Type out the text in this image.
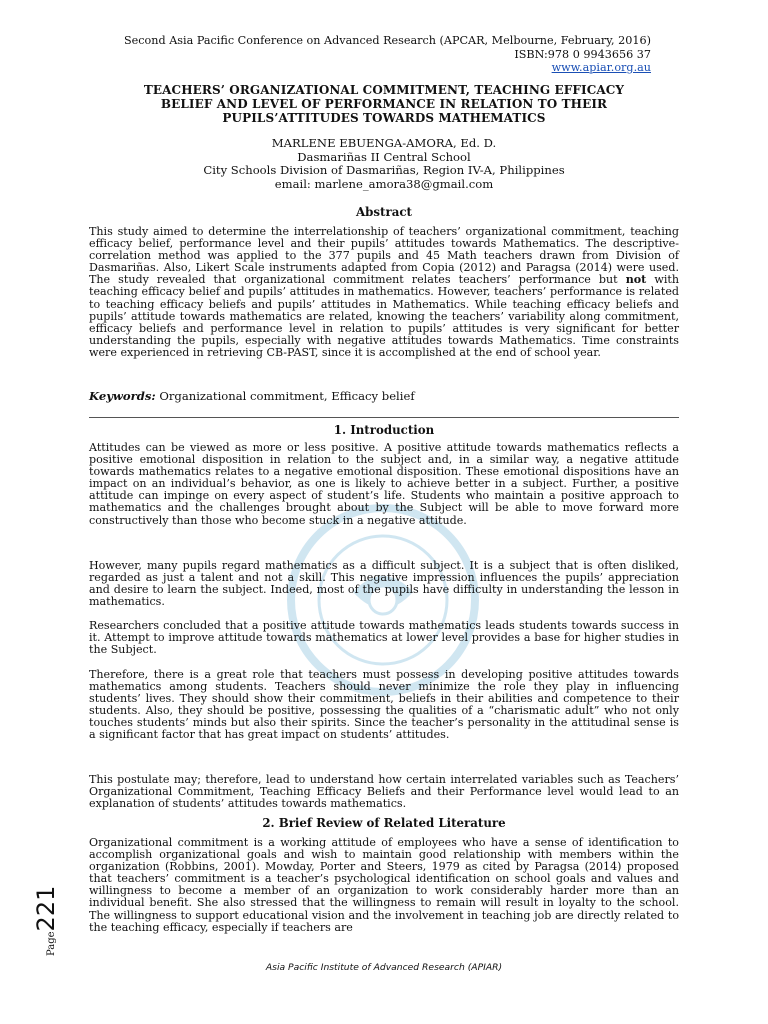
Second Asia Pacific Conference on Advanced Research (APCAR, Melbourne, February, 2016)
ISBN:978 0 9943656 37
www.apiar.org.au
TEACHERS’ ORGANIZATIONAL COMMITMENT, TEACHING EFFICACY
BELIEF AND LEVEL OF PERFORMANCE IN RELATION TO THEIR
PUPILS’ATTITUDES TOWARDS MATHEMATICS
MARLENE EBUENGA-AMORA, Ed. D.
Dasmariñas II Central School
City Schools Division of Dasmariñas, Region IV-A, Philippines
email: marlene_amora38@gmail.com
Abstract
This study aimed to determine the interrelationship of teachers’ organizational commitment, teaching efficacy belief, performance level and their pupils’ attitudes towards Mathematics. The descriptive-correlation method was applied to the 377 pupils and 45 Math teachers drawn from Division of Dasmariñas. Also, Likert Scale instruments adapted from Copia (2012) and Paragsa (2014) were used. The study revealed that organizational commitment relates teachers’ performance but not with teaching efficacy belief and pupils’ attitudes in mathematics. However, teachers’ performance is related to teaching efficacy beliefs and pupils’ attitudes in Mathematics. While teaching efficacy beliefs and pupils’ attitude towards mathematics are related, knowing the teachers’ variability along commitment, efficacy beliefs and performance level in relation to pupils’ attitudes is very significant for better understanding the pupils, especially with negative attitudes towards Mathematics. Time constraints were experienced in retrieving CB-PAST, since it is accomplished at the end of school year.
Keywords: Organizational commitment, Efficacy belief
1. Introduction
Attitudes can be viewed as more or less positive. A positive attitude towards mathematics reflects a positive emotional disposition in relation to the subject and, in a similar way, a negative attitude towards mathematics relates to a negative emotional disposition. These emotional dispositions have an impact on an individual’s behavior, as one is likely to achieve better in a subject. Further, a positive attitude can impinge on every aspect of student’s life. Students who maintain a positive approach to mathematics and the challenges brought about by the Subject will be able to move forward more constructively than those who become stuck in a negative attitude.
However, many pupils regard mathematics as a difficult subject. It is a subject that is often disliked, regarded as just a talent and not a skill. This negative impression influences the pupils’ appreciation and desire to learn the subject. Indeed, most of the pupils have difficulty in understanding the lesson in mathematics.
Researchers concluded that a positive attitude towards mathematics leads students towards success in it. Attempt to improve attitude towards mathematics at lower level provides a base for higher studies in the Subject.
Therefore, there is a great role that teachers must possess in developing positive attitudes towards mathematics among students. Teachers should never minimize the role they play in influencing students’ lives. They should show their commitment, beliefs in their abilities and competence to their students. Also, they should be positive, possessing the qualities of a “charismatic adult” who not only touches students’ minds but also their spirits. Since the teacher’s personality in the attitudinal sense is a significant factor that has great impact on students’ attitudes.
This postulate may; therefore, lead to understand how certain interrelated variables such as Teachers’ Organizational Commitment, Teaching Efficacy Beliefs and their Performance level would lead to an explanation of students’ attitudes towards mathematics.
2. Brief Review of Related Literature
Organizational commitment is a working attitude of employees who have a sense of identification to accomplish organizational goals and wish to maintain good relationship with members within the organization (Robbins, 2001). Mowday, Porter and Steers, 1979 as cited by Paragsa (2014) proposed that teachers’ commitment is a teacher’s psychological identification on school goals and values and willingness to become a member of an organization to work considerably harder more than an individual benefit. She also stressed that the willingness to remain will result in loyalty to the school. The willingness to support educational vision and the involvement in teaching job are directly related to the teaching efficacy, especially if teachers are
Page221
Asia Pacific Institute of Advanced Research (APIAR)
